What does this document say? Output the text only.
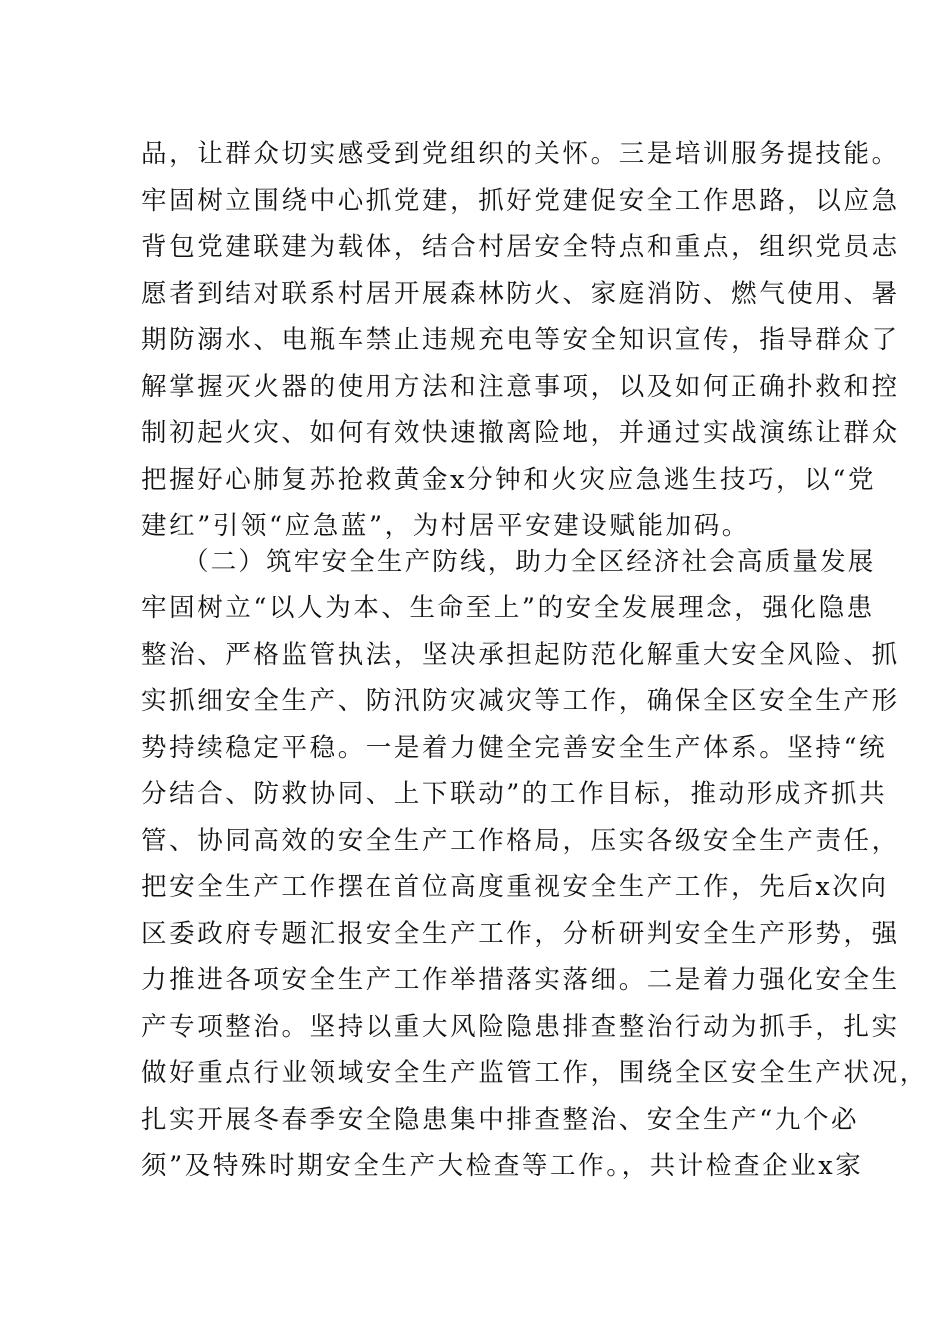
品，让群众切实感受到党组织的关怀。三是培训服务提技能。
牢固树立围绕中心抓党建，抓好党建促安全工作思路，以应急
背包党建联建为载体，结合村居安全特点和重点，组织党员志
愿者到结对联系村居开展森林防火、家庭消防、燃气使用、暑
期防溺水、电瓶车禁止违规充电等安全知识宣传，指导群众了
解掌握灭火器的使用方法和注意事项，以及如何正确扑救和控
制初起火灾、如何有效快速撤离险地，并通过实战演练让群众
把握好心肺复苏抢救黄金x分钟和火灾应急逃生技巧，以“党
建红”引领“应急蓝”，为村居平安建设赋能加码。
（二）筑牢安全生产防线，助力全区经济社会高质量发展
牢固树立“以人为本、生命至上”的安全发展理念，强化隐患
整治、严格监管执法，坚决承担起防范化解重大安全风险、抓
实抓细安全生产、防汛防灾减灾等工作，确保全区安全生产形
势持续稳定平稳。一是着力健全完善安全生产体系。坚持“统
分结合、防救协同、上下联动”的工作目标，推动形成齐抓共
管、协同高效的安全生产工作格局，压实各级安全生产责任，
把安全生产工作摆在首位高度重视安全生产工作，先后x次向
区委政府专题汇报安全生产工作，分析研判安全生产形势，强
力推进各项安全生产工作举措落实落细。二是着力强化安全生
产专项整治。坚持以重大风险隐患排查整治行动为抓手，扎实
做好重点行业领域安全生产监管工作，围绕全区安全生产状况，
扎实开展冬春季安全隐患集中排查整治、安全生产“九个必
须”及特殊时期安全生产大检查等工作。，共计检查企业x家
